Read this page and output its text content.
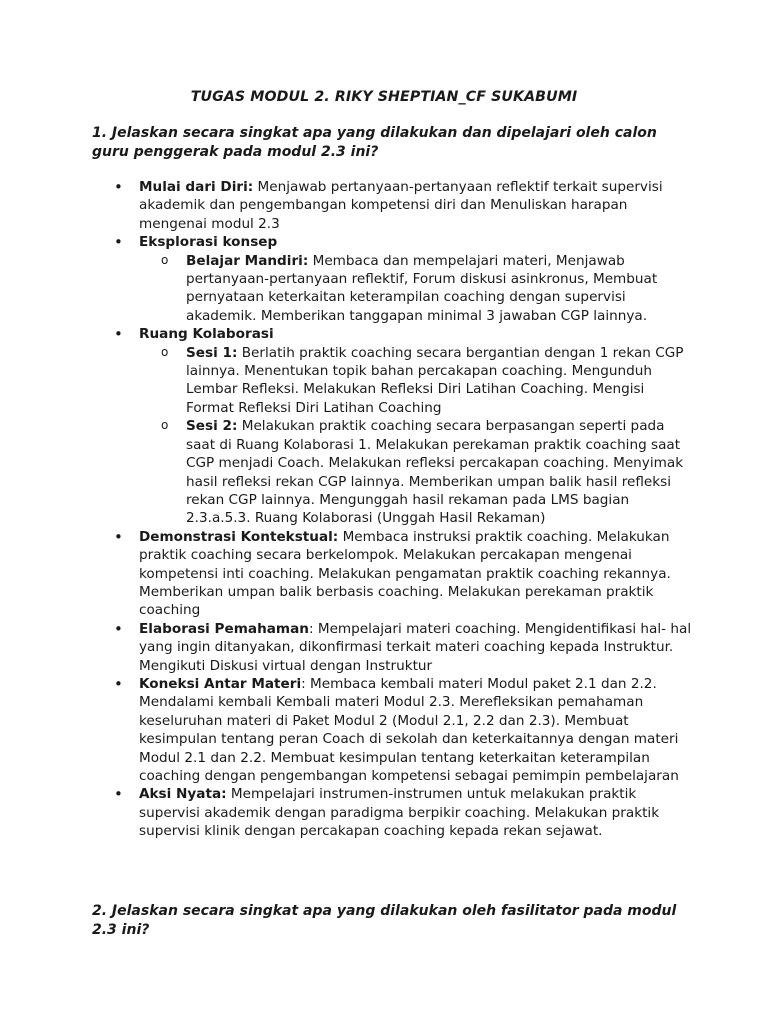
TUGAS MODUL 2. RIKY SHEPTIAN_CF SUKABUMI
1. Jelaskan secara singkat apa yang dilakukan dan dipelajari oleh calon guru penggerak pada modul 2.3 ini?
• Mulai dari Diri: Menjawab pertanyaan-pertanyaan reflektif terkait supervisi akademik dan pengembangan kompetensi diri dan Menuliskan harapan mengenai modul 2.3
• Eksplorasi konsep
o Belajar Mandiri: Membaca dan mempelajari materi, Menjawab pertanyaan-pertanyaan reflektif, Forum diskusi asinkronus, Membuat pernyataan keterkaitan keterampilan coaching dengan supervisi akademik. Memberikan tanggapan minimal 3 jawaban CGP lainnya.
• Ruang Kolaborasi
o Sesi 1: Berlatih praktik coaching secara bergantian dengan 1 rekan CGP lainnya. Menentukan topik bahan percakapan coaching. Mengunduh Lembar Refleksi. Melakukan Refleksi Diri Latihan Coaching. Mengisi Format Refleksi Diri Latihan Coaching
o Sesi 2: Melakukan praktik coaching secara berpasangan seperti pada saat di Ruang Kolaborasi 1. Melakukan perekaman praktik coaching saat CGP menjadi Coach. Melakukan refleksi percakapan coaching. Menyimak hasil refleksi rekan CGP lainnya. Memberikan umpan balik hasil refleksi rekan CGP lainnya. Mengunggah hasil rekaman pada LMS bagian 2.3.a.5.3. Ruang Kolaborasi (Unggah Hasil Rekaman)
• Demonstrasi Kontekstual: Membaca instruksi praktik coaching. Melakukan praktik coaching secara berkelompok. Melakukan percakapan mengenai kompetensi inti coaching. Melakukan pengamatan praktik coaching rekannya. Memberikan umpan balik berbasis coaching. Melakukan perekaman praktik coaching
• Elaborasi Pemahaman: Mempelajari materi coaching. Mengidentifikasi hal- hal yang ingin ditanyakan, dikonfirmasi terkait materi coaching kepada Instruktur. Mengikuti Diskusi virtual dengan Instruktur
• Koneksi Antar Materi: Membaca kembali materi Modul paket 2.1 dan 2.2. Mendalami kembali Kembali materi Modul 2.3. Merefleksikan pemahaman keseluruhan materi di Paket Modul 2 (Modul 2.1, 2.2 dan 2.3). Membuat kesimpulan tentang peran Coach di sekolah dan keterkaitannya dengan materi Modul 2.1 dan 2.2. Membuat kesimpulan tentang keterkaitan keterampilan coaching dengan pengembangan kompetensi sebagai pemimpin pembelajaran
• Aksi Nyata: Mempelajari instrumen-instrumen untuk melakukan praktik supervisi akademik dengan paradigma berpikir coaching. Melakukan praktik supervisi klinik dengan percakapan coaching kepada rekan sejawat.
2. Jelaskan secara singkat apa yang dilakukan oleh fasilitator pada modul 2.3 ini?
